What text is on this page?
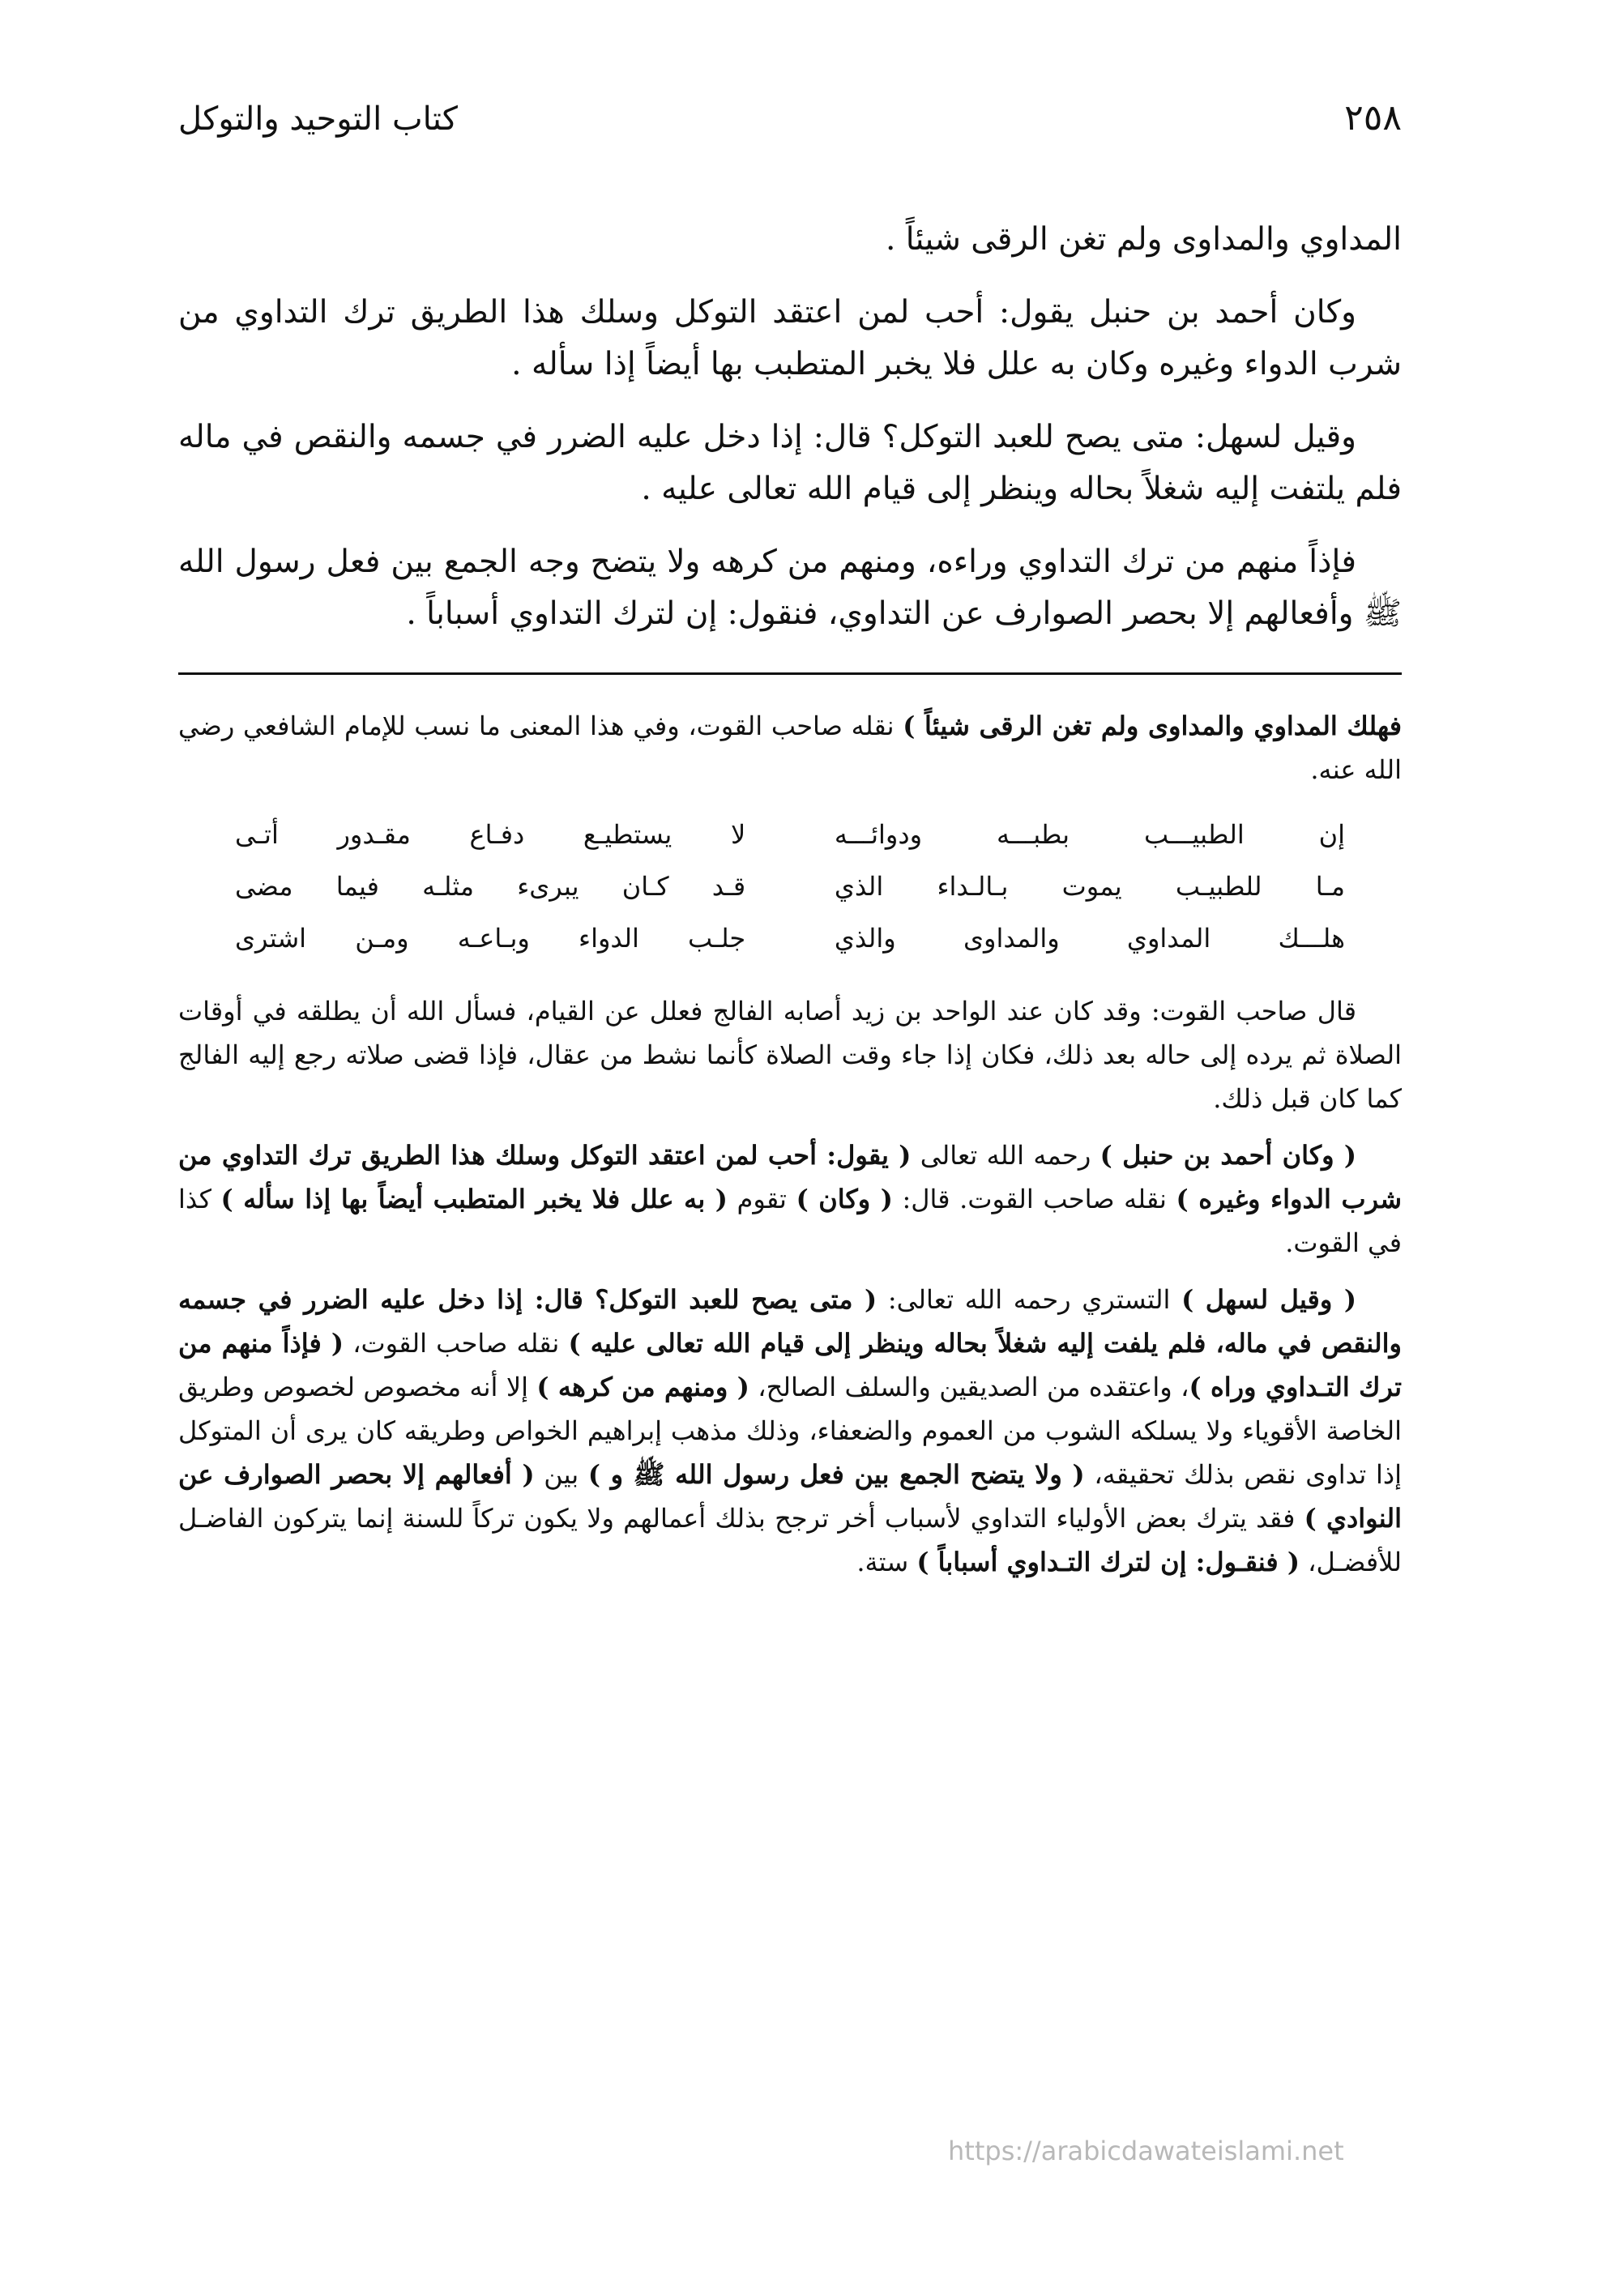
٢٥٨
كتاب التوحيد والتوكل

المداوي والمداوى ولم تغن الرقى شيئاً .

وكان أحمد بن حنبل يقول: أحب لمن اعتقد التوكل وسلك هذا الطريق ترك التداوي من شرب الدواء وغيره وكان به علل فلا يخبر المتطبب بها أيضاً إذا سأله .

وقيل لسهل: متى يصح للعبد التوكل؟ قال: إذا دخل عليه الضرر في جسمه والنقص في ماله فلم يلتفت إليه شغلاً بحاله وينظر إلى قيام الله تعالى عليه .

فإذاً منهم من ترك التداوي وراءه، ومنهم من كرهه ولا يتضح وجه الجمع بين فعل رسول الله ﷺ وأفعالهم إلا بحصر الصوارف عن التداوي، فنقول: إن لترك التداوي أسباباً .

فهلك المداوي والمداوى ولم تغن الرقى شيئاً ) نقله صاحب القوت، وفي هذا المعنى ما نسب للإمام الشافعي رضي الله عنه.

إن الطبيـــب بطبـــه ودوائـــه
لا يستطيـع دفـاع مقـدور أتـى
مـا للطبيـب يموت بـالـداء الذي
قـد كـان يبرىء مثلـه فيما مضى
هلـــك المداوي والمداوى والذي
جلـب الدواء وبـاعـه ومـن اشترى

قال صاحب القوت: وقد كان عند الواحد بن زيد أصابه الفالج فعلل عن القيام، فسأل الله أن يطلقه في أوقات الصلاة ثم يرده إلى حاله بعد ذلك، فكان إذا جاء وقت الصلاة كأنما نشط من عقال، فإذا قضى صلاته رجع إليه الفالج كما كان قبل ذلك.

( وكان أحمد بن حنبل ) رحمه الله تعالى ( يقول: أحب لمن اعتقد التوكل وسلك هذا الطريق ترك التداوي من شرب الدواء وغيره ) نقله صاحب القوت. قال: ( وكان ) تقوم ( به علل فلا يخبر المتطبب أيضاً بها إذا سأله ) كذا في القوت.

( وقيل لسهل ) التستري رحمه الله تعالى: ( متى يصح للعبد التوكل؟ قال: إذا دخل عليه الضرر في جسمه والنقص في ماله، فلم يلفت إليه شغلاً بحاله وينظر إلى قيام الله تعالى عليه ) نقله صاحب القوت، ( فإذاً منهم من ترك التـداوي وراه )، واعتقده من الصديقين والسلف الصالح، ( ومنهم من كرهه ) إلا أنه مخصوص لخصوص وطريق الخاصة الأقوياء ولا يسلكه الشوب من العموم والضعفاء، وذلك مذهب إبراهيم الخواص وطريقه كان يرى أن المتوكل إذا تداوى نقص بذلك تحقيقه، ( ولا يتضح الجمع بين فعل رسول الله ﷺ و ) بين ( أفعالهم إلا بحصر الصوارف عن النوادي ) فقد يترك بعض الأولياء التداوي لأسباب أخر ترجح بذلك أعمالهم ولا يكون تركاً للسنة إنما يتركون الفاضـل للأفضـل، ( فنقـول: إن لترك التـداوي أسباباً ) ستة.

https://arabicdawateislami.net
